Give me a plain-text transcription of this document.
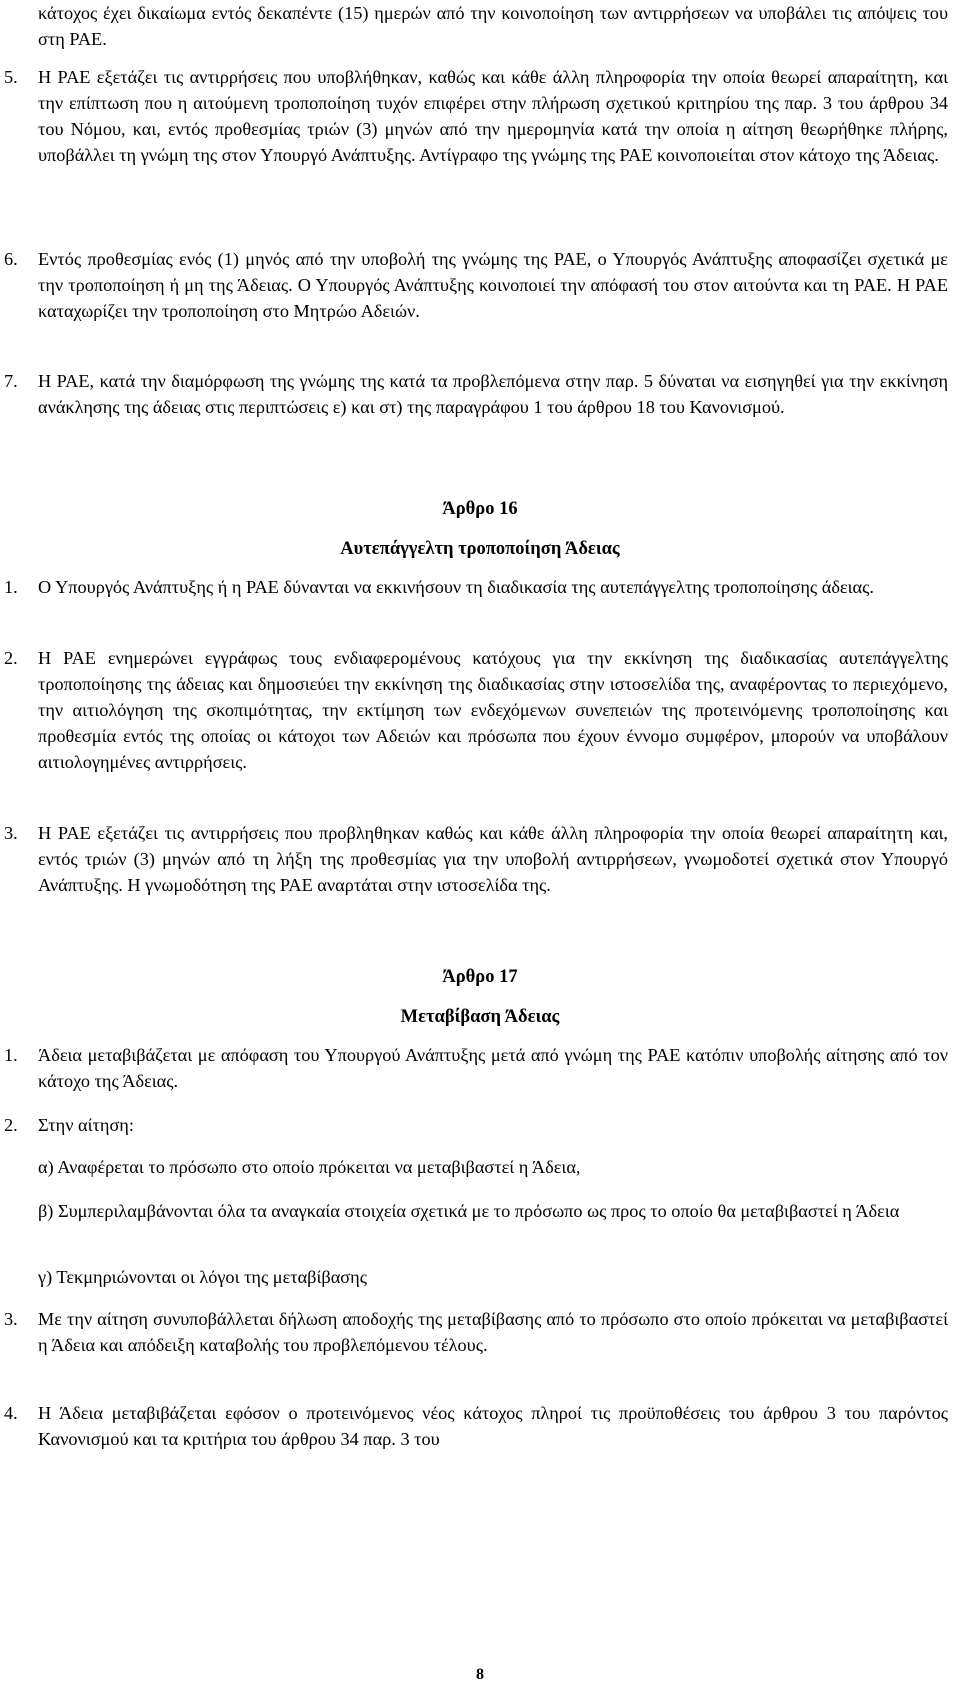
κάτοχος έχει δικαίωμα εντός δεκαπέντε (15) ημερών από την κοινοποίηση των αντιρρήσεων να υποβάλει τις απόψεις του στη ΡΑΕ.

5.	Η ΡΑΕ εξετάζει τις αντιρρήσεις που υποβλήθηκαν, καθώς και κάθε άλλη πληροφορία την οποία θεωρεί απαραίτητη, και την επίπτωση που η αιτούμενη τροποποίηση τυχόν επιφέρει στην πλήρωση σχετικού κριτηρίου της παρ. 3 του άρθρου 34 του Νόμου, και, εντός προθεσμίας τριών (3) μηνών από την ημερομηνία κατά την οποία η αίτηση θεωρήθηκε πλήρης, υποβάλλει τη γνώμη της στον Υπουργό Ανάπτυξης. Αντίγραφο της γνώμης της ΡΑΕ κοινοποιείται στον κάτοχο της Άδειας.
6.	Εντός προθεσμίας ενός (1) μηνός από την υποβολή της γνώμης της ΡΑΕ, ο Υπουργός Ανάπτυξης αποφασίζει σχετικά με την τροποποίηση ή μη της Άδειας. Ο Υπουργός Ανάπτυξης κοινοποιεί την απόφασή του στον αιτούντα και τη ΡΑΕ. Η ΡΑΕ καταχωρίζει την τροποποίηση στο Μητρώο Αδειών.
7.	Η ΡΑΕ, κατά την διαμόρφωση της γνώμης της κατά τα προβλεπόμενα στην παρ. 5 δύναται να εισηγηθεί για την εκκίνηση ανάκλησης της άδειας στις περιπτώσεις ε) και στ) της παραγράφου 1 του άρθρου 18 του Κανονισμού.
Άρθρο 16
Αυτεπάγγελτη τροποποίηση Άδειας
1.	Ο Υπουργός Ανάπτυξης ή η ΡΑΕ δύνανται να εκκινήσουν τη διαδικασία της αυτεπάγγελτης τροποποίησης άδειας.
2.	Η ΡΑΕ ενημερώνει εγγράφως τους ενδιαφερομένους κατόχους για την εκκίνηση της διαδικασίας αυτεπάγγελτης τροποποίησης της άδειας και δημοσιεύει την εκκίνηση της διαδικασίας στην ιστοσελίδα της, αναφέροντας το περιεχόμενο, την αιτιολόγηση της σκοπιμότητας, την εκτίμηση των ενδεχόμενων συνεπειών της προτεινόμενης τροποποίησης και προθεσμία εντός της οποίας οι κάτοχοι των Αδειών και πρόσωπα που έχουν έννομο συμφέρον, μπορούν να υποβάλουν αιτιολογημένες αντιρρήσεις.
3.	Η ΡΑΕ εξετάζει τις αντιρρήσεις που προβληθηκαν καθώς και κάθε άλλη πληροφορία την οποία θεωρεί απαραίτητη και, εντός τριών (3) μηνών από τη λήξη της προθεσμίας για την υποβολή αντιρρήσεων, γνωμοδοτεί σχετικά στον Υπουργό Ανάπτυξης. Η γνωμοδότηση της ΡΑΕ αναρτάται στην ιστοσελίδα της.
Άρθρο 17
Μεταβίβαση Άδειας
1.	Άδεια μεταβιβάζεται με απόφαση του Υπουργού Ανάπτυξης μετά από γνώμη της ΡΑΕ κατόπιν υποβολής αίτησης από τον κάτοχο της Άδειας.
2.	Στην αίτηση:

α) Αναφέρεται το πρόσωπο στο οποίο πρόκειται να μεταβιβαστεί η Άδεια,

β) Συμπεριλαμβάνονται όλα τα αναγκαία στοιχεία σχετικά με το πρόσωπο ως προς το οποίο θα μεταβιβαστεί η Άδεια

γ) Τεκμηριώνονται οι λόγοι της μεταβίβασης

3.	Με την αίτηση συνυποβάλλεται δήλωση αποδοχής της μεταβίβασης από το πρόσωπο στο οποίο πρόκειται να μεταβιβαστεί η Άδεια και απόδειξη καταβολής του προβλεπόμενου τέλους.
4.	Η Άδεια μεταβιβάζεται εφόσον ο προτεινόμενος νέος κάτοχος πληροί τις προϋποθέσεις του άρθρου 3 του παρόντος Κανονισμού και τα κριτήρια του άρθρου 34 παρ. 3 του
8
